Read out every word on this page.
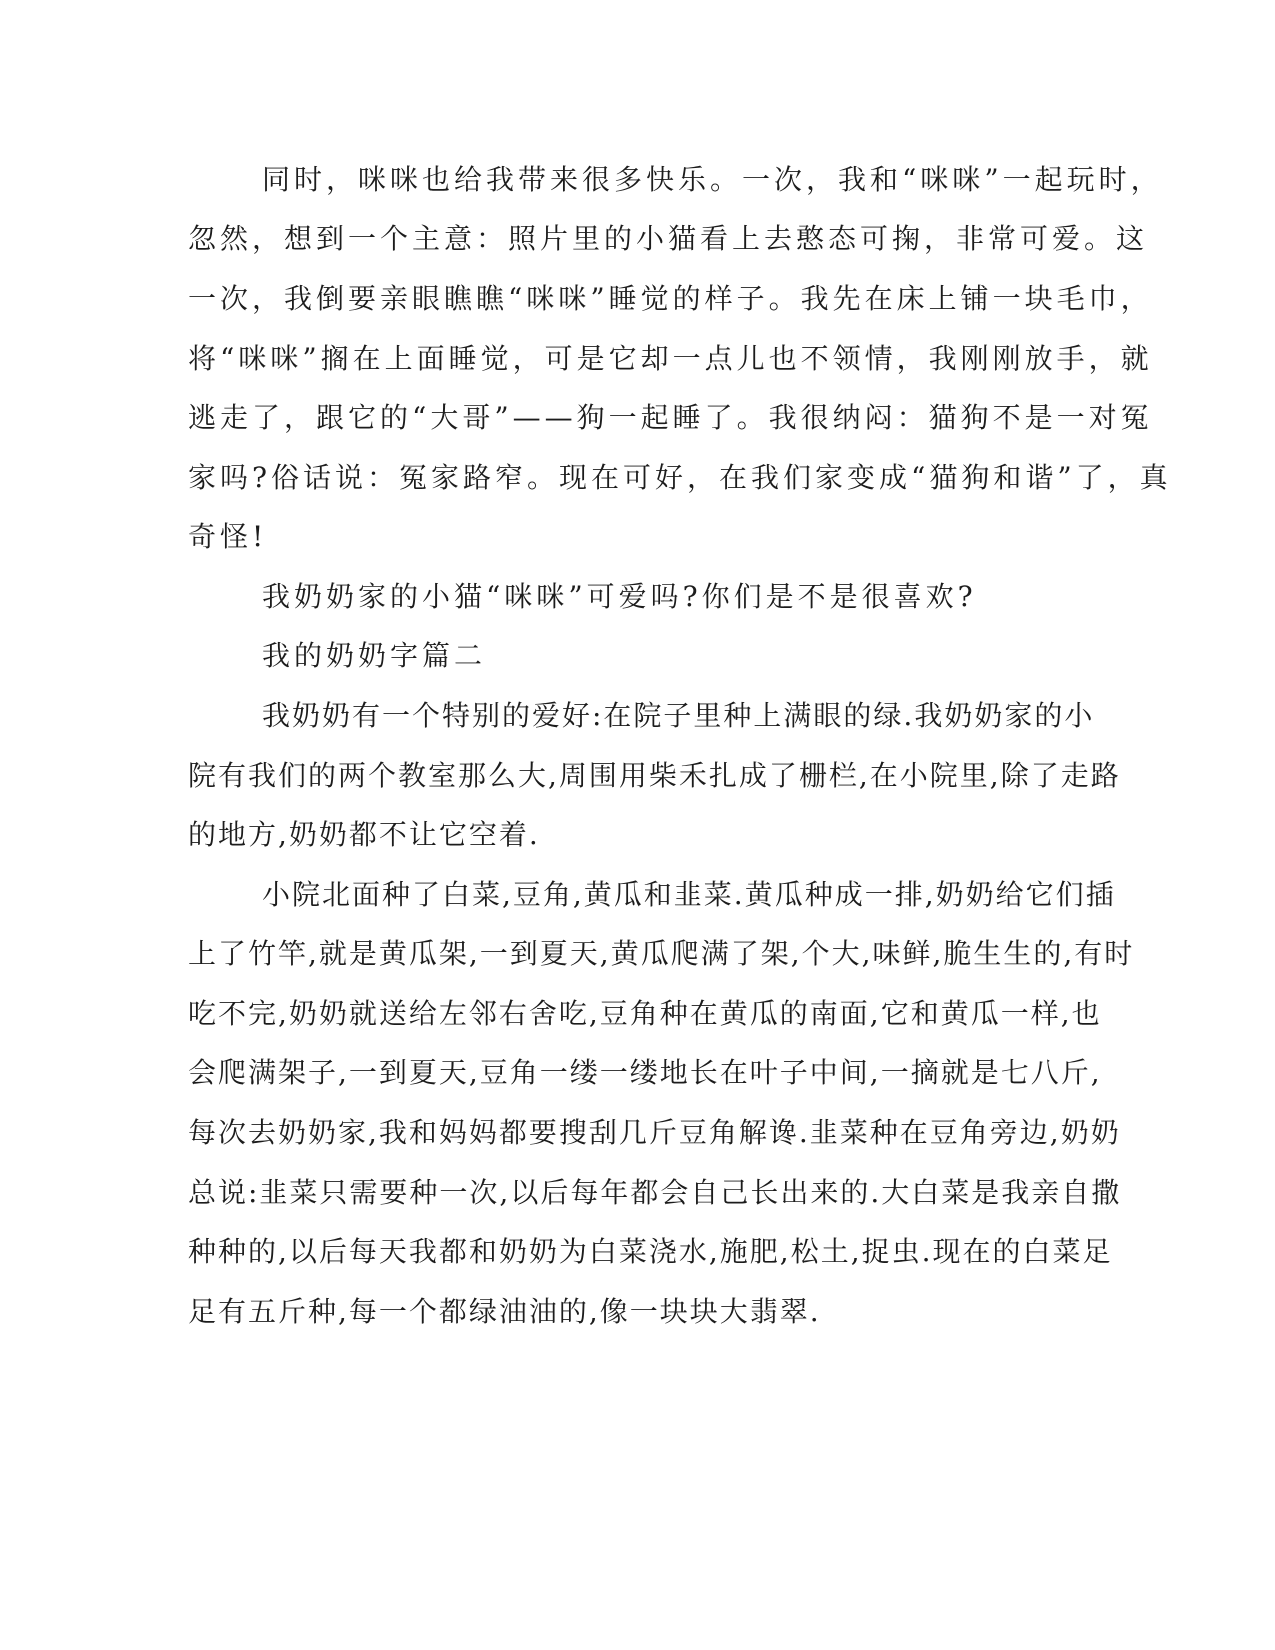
同时，咪咪也给我带来很多快乐。一次，我和“咪咪”一起玩时，

忽然，想到一个主意：照片里的小猫看上去憨态可掬，非常可爱。这

一次，我倒要亲眼瞧瞧“咪咪”睡觉的样子。我先在床上铺一块毛巾，

将“咪咪”搁在上面睡觉，可是它却一点儿也不领情，我刚刚放手，就

逃走了，跟它的“大哥”——狗一起睡了。我很纳闷：猫狗不是一对冤

家吗?俗话说：冤家路窄。现在可好，在我们家变成“猫狗和谐”了，真

奇怪!

我奶奶家的小猫“咪咪”可爱吗?你们是不是很喜欢?

我的奶奶字篇二

我奶奶有一个特别的爱好:在院子里种上满眼的绿.我奶奶家的小

院有我们的两个教室那么大,周围用柴禾扎成了栅栏,在小院里,除了走路

的地方,奶奶都不让它空着.

小院北面种了白菜,豆角,黄瓜和韭菜.黄瓜种成一排,奶奶给它们插

上了竹竿,就是黄瓜架,一到夏天,黄瓜爬满了架,个大,味鲜,脆生生的,有时

吃不完,奶奶就送给左邻右舍吃,豆角种在黄瓜的南面,它和黄瓜一样,也

会爬满架子,一到夏天,豆角一缕一缕地长在叶子中间,一摘就是七八斤,

每次去奶奶家,我和妈妈都要搜刮几斤豆角解谗.韭菜种在豆角旁边,奶奶

总说:韭菜只需要种一次,以后每年都会自己长出来的.大白菜是我亲自撒

种种的,以后每天我都和奶奶为白菜浇水,施肥,松土,捉虫.现在的白菜足

足有五斤种,每一个都绿油油的,像一块块大翡翠.
